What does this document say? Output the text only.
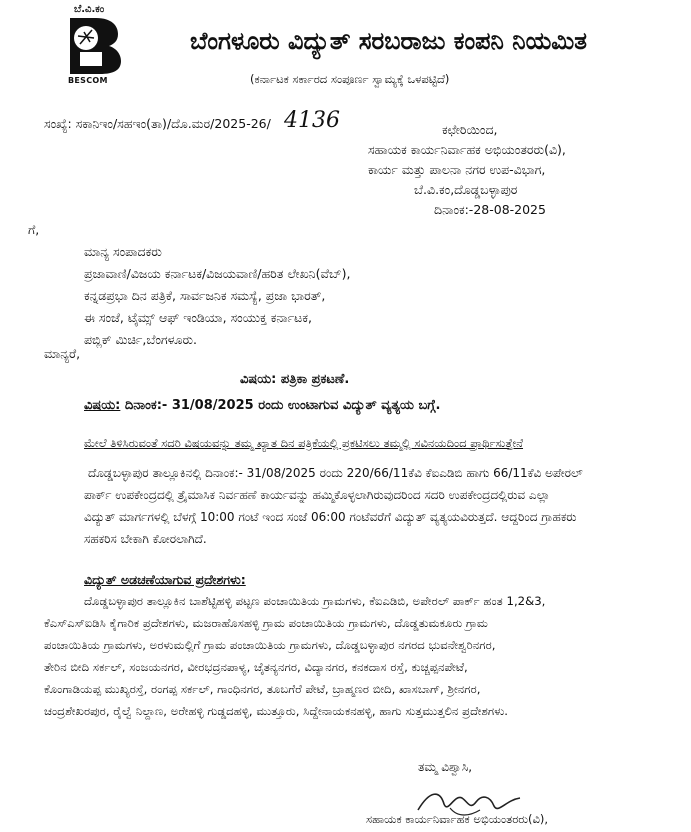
ಬೆ.ವಿ.ಕಂ
BESCOM
ಬೆಂಗಳೂರು ವಿದ್ಯುತ್ ಸರಬರಾಜು ಕಂಪನಿ ನಿಯಮಿತ
(ಕರ್ನಾಟಕ ಸರ್ಕಾರದ ಸಂಪೂರ್ಣ ಸ್ವಾಮ್ಯಕ್ಕೆ ಒಳಪಟ್ಟಿದೆ)
ಸಂಖ್ಯೆ: ಸಕಾನಿಇಂ/ಸಹಇಂ(ತಾ)/ದೊ.ಮರ/2025-26/ 4136	ಕಛೇರಿಯಿಂದ,
ಸಹಾಯಕ ಕಾರ್ಯನಿರ್ವಾಹಕ ಅಭಿಯಂತರರು(ವಿ),
ಕಾರ್ಯ ಮತ್ತು ಪಾಲನಾ ನಗರ ಉಪ-ವಿಭಾಗ,
ಬೆ.ವಿ.ಕಂ,ದೊಡ್ಡಬಳ್ಳಾಪುರ
ದಿನಾಂಕ:-28-08-2025
ಗೆ,
ಮಾನ್ಯ ಸಂಪಾದಕರು
ಪ್ರಜಾವಾಣಿ/ವಿಜಯ ಕರ್ನಾಟಕ/ವಿಜಯವಾಣಿ/ಹರಿತ ಲೇಖನಿ(ವೆಬ್),
ಕನ್ನಡಪ್ರಭಾ ದಿನ ಪತ್ರಿಕೆ, ಸಾರ್ವಜನಿಕ ಸಮಸ್ಯೆ, ಪ್ರಜಾ ಭಾರತ್,
ಈ ಸಂಜೆ, ಟೈಮ್ಸ್ ಆಫ್ ಇಂಡಿಯಾ, ಸಂಯುಕ್ತ ಕರ್ನಾಟಕ,
ಪಬ್ಲಿಕ್ ಮಿರ್ಚಿ,ಬೆಂಗಳೂರು.
ಮಾನ್ಯರೆ,
ವಿಷಯ: ಪತ್ರಿಕಾ ಪ್ರಕಟಣೆ.
ವಿಷಯ: ದಿನಾಂಕ:- 31/08/2025 ರಂದು ಉಂಟಾಗುವ ವಿದ್ಯುತ್ ವ್ಯತ್ಯಯ ಬಗ್ಗೆ.
ಮೇಲೆ ತಿಳಿಸಿರುವಂತೆ ಸದರಿ ವಿಷಯವನ್ನು ತಮ್ಮ ಖ್ಯಾತ ದಿನ ಪತ್ರಿಕೆಯಲ್ಲಿ ಪ್ರಕಟಿಸಲು ತಮ್ಮಲ್ಲಿ ಸವಿನಯದಿಂದ ಪ್ರಾರ್ಥಿಸುತ್ತೇನೆ
ದೊಡ್ಡಬಳ್ಳಾಪುರ ತಾಲ್ಲೂಕಿನಲ್ಲಿ ದಿನಾಂಕ:- 31/08/2025 ರಂದು 220/66/11ಕೆವಿ ಕೆಐಎಡಿಬಿ ಹಾಗು 66/11ಕೆವಿ ಅಪೇರಲ್
ಪಾರ್ಕ್ ಉಪಕೇಂದ್ರದಲ್ಲಿ ತ್ರೈಮಾಸಿಕ ನಿರ್ವಹಣೆ ಕಾರ್ಯವನ್ನು ಹಮ್ಮಿಕೊಳ್ಳಲಾಗಿರುವುದರಿಂದ ಸದರಿ ಉಪಕೇಂದ್ರದಲ್ಲಿರುವ ಎಲ್ಲಾ
ವಿದ್ಯುತ್ ಮಾರ್ಗಗಳಲ್ಲಿ ಬೆಳಗ್ಗೆ 10:00 ಗಂಟೆ ಇಂದ ಸಂಜೆ 06:00 ಗಂಟೆವರೆಗೆ ವಿದ್ಯುತ್ ವ್ಯತ್ಯಯವಿರುತ್ತದೆ. ಆದ್ದರಿಂದ ಗ್ರಾಹಕರು
ಸಹಕರಿಸ ಬೇಕಾಗಿ ಕೋರಲಾಗಿದೆ.
ವಿದ್ಯುತ್ ಅಡಚಣೆಯಾಗುವ ಪ್ರದೇಶಗಳು:
ದೊಡ್ಡಬಳ್ಳಾಪುರ ತಾಲ್ಲೂಕಿನ ಬಾಶೆಟ್ಟಿಹಳ್ಳಿ ಪಟ್ಟಣ ಪಂಚಾಯಿತಿಯ ಗ್ರಾಮಗಳು, ಕೆಐಎಡಿಬಿ, ಅಪೇರಲ್ ಪಾರ್ಕ್ ಹಂತ 1,2&3,
ಕೆಎಸ್ಎಸ್ಐಡಿಸಿ ಕೈಗಾರಿಕ ಪ್ರದೇಶಗಳು, ಮಜರಾಹೊಸಹಳ್ಳಿ ಗ್ರಾಮ ಪಂಚಾಯಿತಿಯ ಗ್ರಾಮಗಳು, ದೊಡ್ಡತುಮಕೂರು ಗ್ರಾಮ
ಪಂಚಾಯಿತಿಯ ಗ್ರಾಮಗಳು, ಅರಳುಮಲ್ಲಿಗೆ ಗ್ರಾಮ ಪಂಚಾಯಿತಿಯ ಗ್ರಾಮಗಳು, ದೊಡ್ಡಬಳ್ಳಾಪುರ ನಗರದ ಭುವನೇಶ್ವರಿನಗರ,
ತೇರಿನ ಬೀದಿ ಸರ್ಕಲ್, ಸಂಜಯನಗರ, ವೀರಭದ್ರನಪಾಳ್ಯ, ಚೈತನ್ಯನಗರ, ವಿದ್ಯಾನಗರ, ಕನಕದಾಸ ರಸ್ತೆ, ಕುಚ್ಚಪ್ಪನಪೇಟೆ,
ಕೊಂಗಾಡಿಯಪ್ಪ ಮುಖ್ಯರಸ್ತೆ, ರಂಗಪ್ಪ ಸರ್ಕಲ್, ಗಾಂಧಿನಗರ, ತೂಬಗೆರೆ ಪೇಟೆ, ಬ್ರಾಹ್ಮಣರ ಬೀದಿ, ಖಾಸಬಾಗ್, ಶ್ರೀನಗರ,
ಚಂದ್ರಶೇಖರಪುರ, ರೈಲ್ವೆ ನಿಲ್ದಾಣ, ಅರೇಹಳ್ಳಿ ಗುಡ್ಡದಹಳ್ಳಿ, ಮುತ್ತೂರು, ಸಿದ್ದೇನಾಯಕನಹಳ್ಳಿ, ಹಾಗು ಸುತ್ತಮುತ್ತಲಿನ ಪ್ರದೇಶಗಳು.
ತಮ್ಮ ವಿಶ್ವಾಸಿ,
ಸಹಾಯಕ ಕಾರ್ಯನಿರ್ವಾಹಕ ಅಭಿಯಂತರರು(ವಿ),
